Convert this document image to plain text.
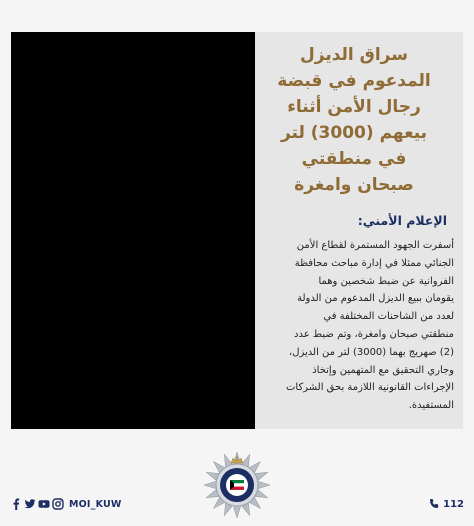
سراق الديزل
المدعوم في قبضة
رجال الأمن أثناء
بيعهم (3000) لتر
في منطقتي
صبحان وامغرة
الإعلام الأمني:

أسفرت الجهود المستمرة لقطاع الأمن
الجنائي ممثلا في إدارة مباحث محافظة
الفروانية عن ضبط شخصين وهما
يقومان ببيع الديزل المدعوم من الدولة
لعدد من الشاحنات المختلفة في
منطقتي صبحان وامغرة، وتم ضبط عدد
(2) صهريج بهما (3000) لتر من الديزل،
وجاري التحقيق مع المتهمين وإتخاذ
الإجراءات القانونية اللازمة بحق الشركات
المستفيدة.

MOI_KUW	112
